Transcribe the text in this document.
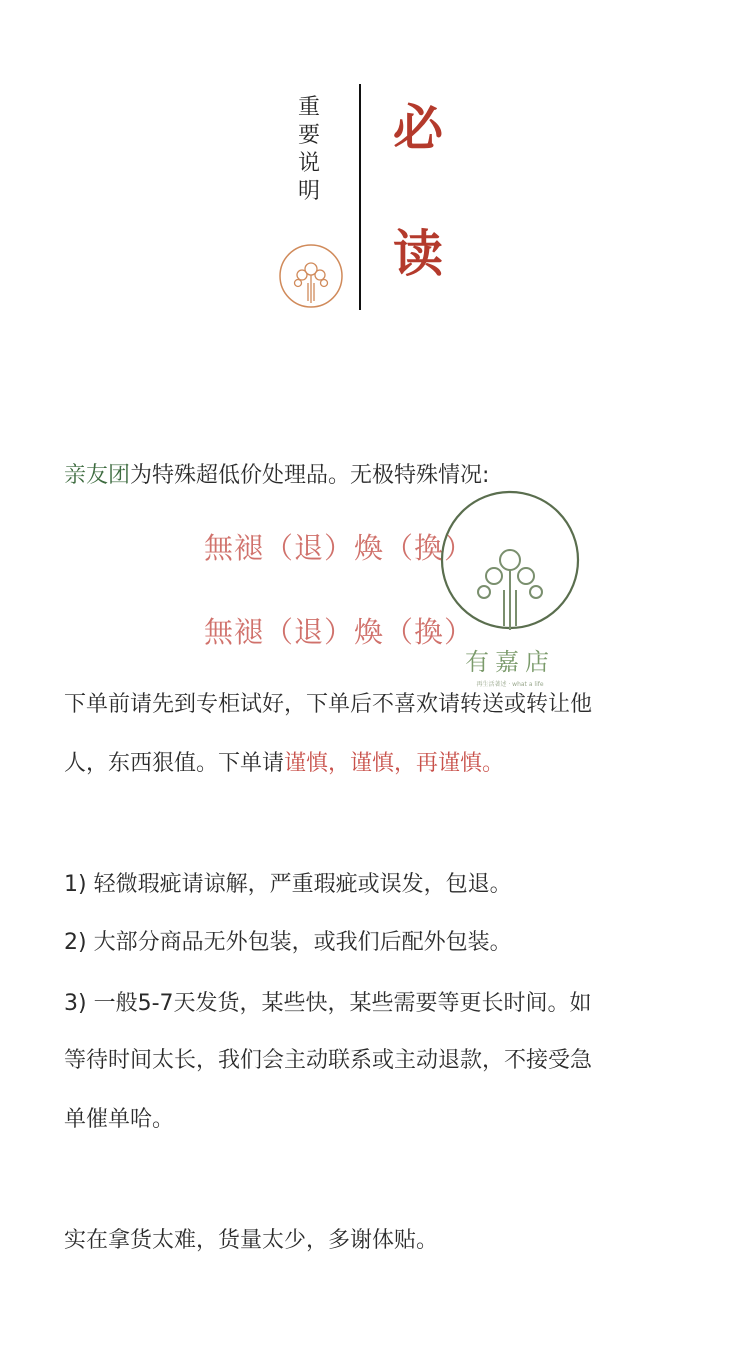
重
要
说
明
必
读
亲友团为特殊超低价处理品。无极特殊情况:
無褪（退）煥（換）
無褪（退）煥（換）
有嘉店
再生活著述 · what a life
下单前请先到专柜试好，下单后不喜欢请转送或转让他
人，东西狠值。下单请谨慎，谨慎，再谨慎。
1) 轻微瑕疵请谅解，严重瑕疵或误发，包退。
2) 大部分商品无外包装，或我们后配外包装。
3) 一般5-7天发货，某些快，某些需要等更长时间。如
等待时间太长，我们会主动联系或主动退款，不接受急
单催单哈。
实在拿货太难，货量太少，多谢体贴。
